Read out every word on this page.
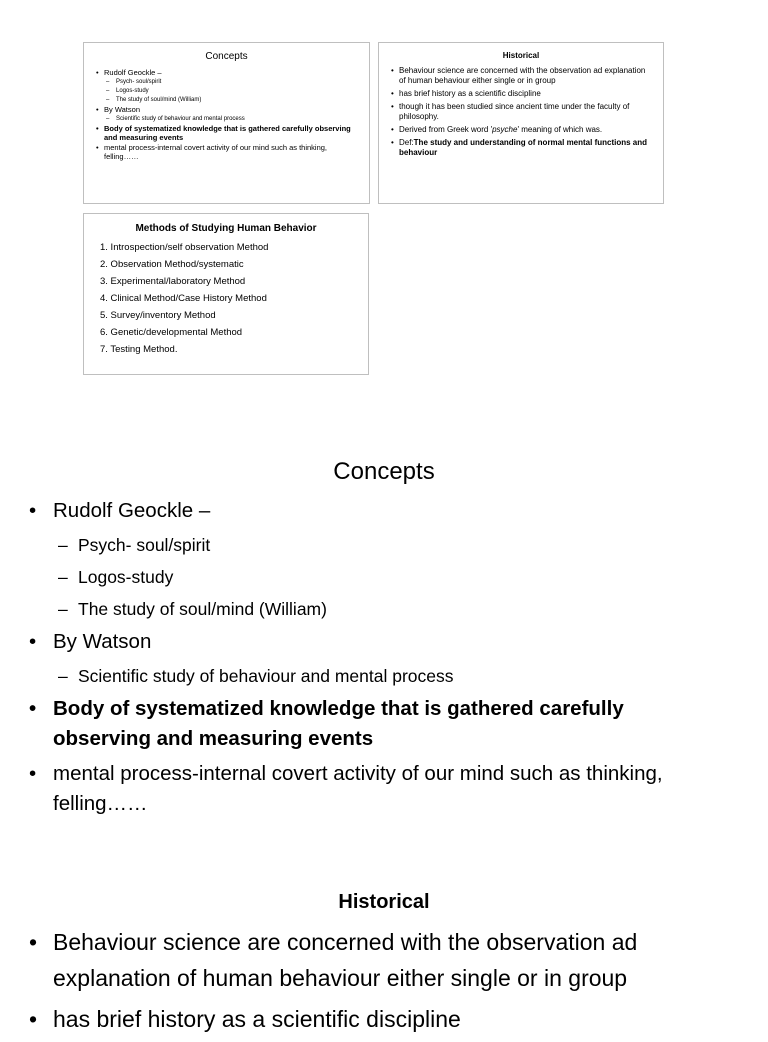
Concepts
• Rudolf Geockle –
– Psych- soul/spirit
– Logos-study
– The study of soul/mind (William)
• By Watson
– Scientific study of behaviour and mental process
• Body of systematized knowledge that is gathered carefully observing and measuring events
• mental process-internal covert activity of our mind such as thinking, felling……
Historical
• Behaviour science are concerned with the observation ad explanation of human behaviour either single or in group
• has brief history as a scientific discipline
• though it has been studied since ancient time under the faculty of philosophy.
• Derived from Greek word 'psyche' meaning of which was.
• Def:The study and understanding of normal mental functions and behaviour
Methods of Studying Human Behavior
1. Introspection/self observation Method
2. Observation Method/systematic
3. Experimental/laboratory Method
4. Clinical Method/Case History Method
5. Survey/inventory Method
6. Genetic/developmental Method
7. Testing Method.
Concepts
• Rudolf Geockle –
– Psych- soul/spirit
– Logos-study
– The study of soul/mind (William)
• By Watson
– Scientific study of behaviour and mental process
• Body of systematized knowledge that is gathered carefully observing and measuring events
• mental process-internal covert activity of our mind such as thinking, felling……
Historical
• Behaviour science are concerned with the observation ad explanation of human behaviour either single or in group
• has brief history as a scientific discipline
